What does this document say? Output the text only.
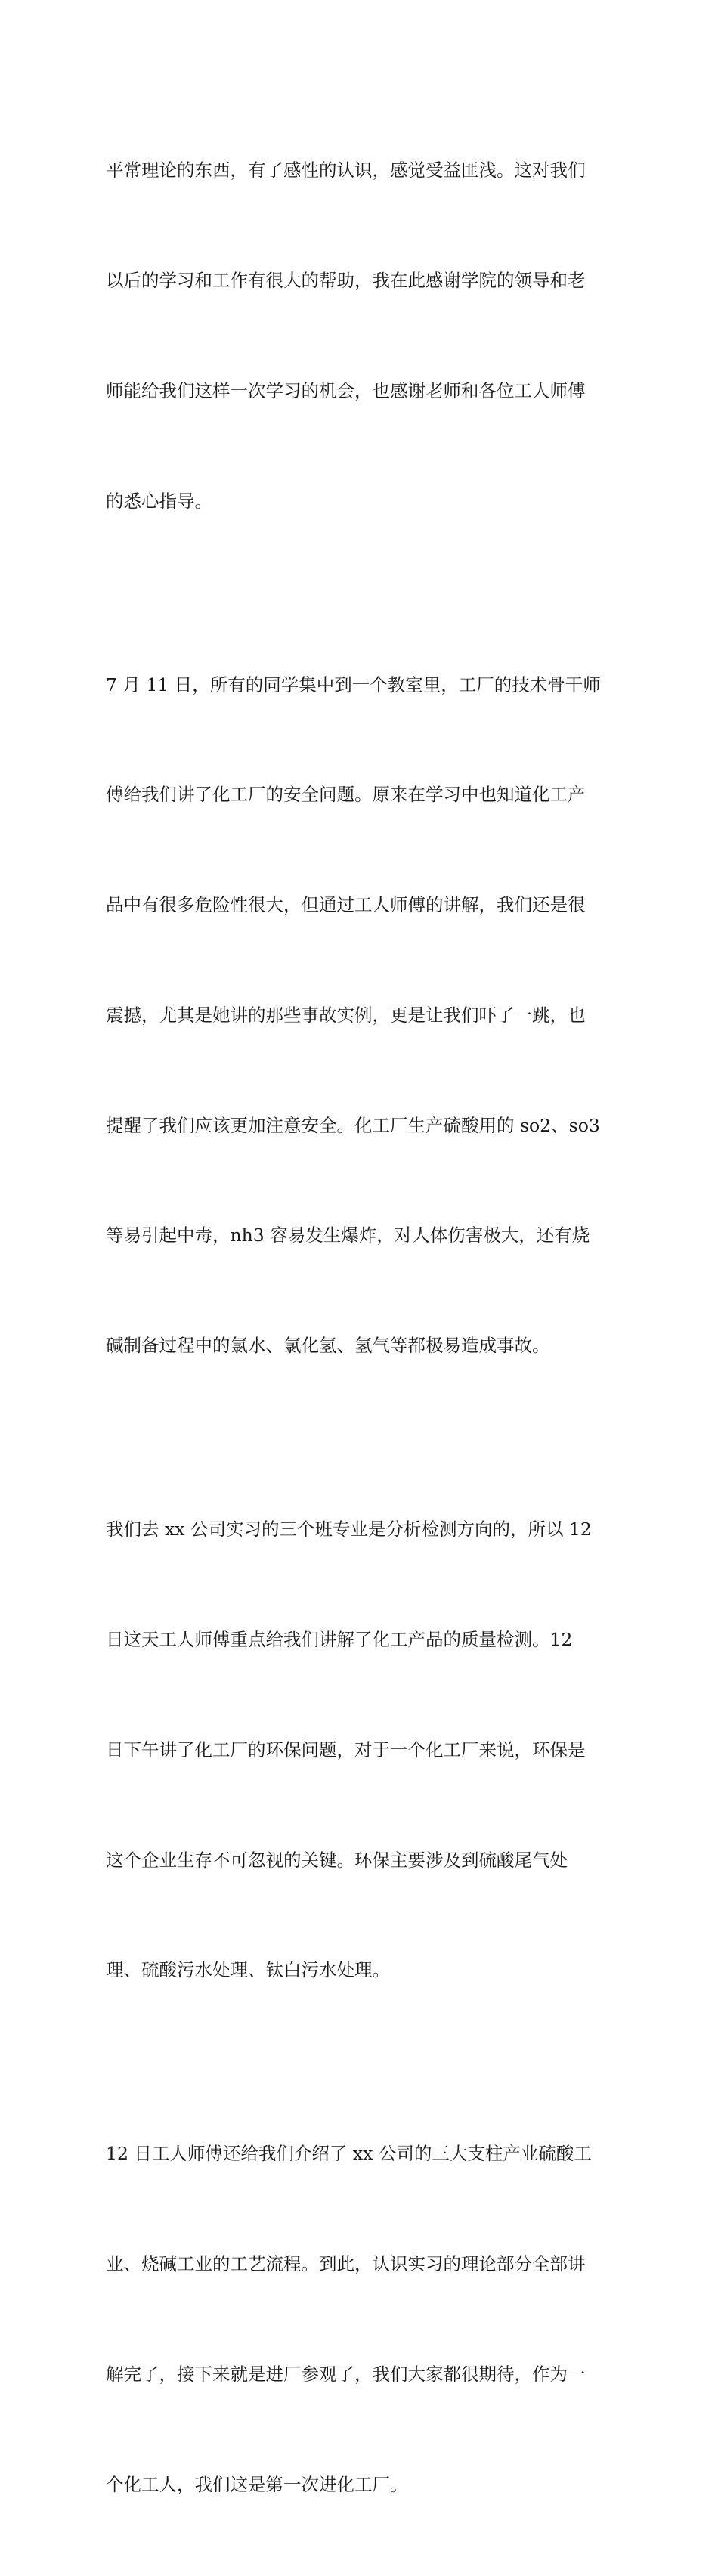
平常理论的东西，有了感性的认识，感觉受益匪浅。这对我们

以后的学习和工作有很大的帮助，我在此感谢学院的领导和老

师能给我们这样一次学习的机会，也感谢老师和各位工人师傅

的悉心指导。

7 月 11 日，所有的同学集中到一个教室里，工厂的技术骨干师

傅给我们讲了化工厂的安全问题。原来在学习中也知道化工产

品中有很多危险性很大，但通过工人师傅的讲解，我们还是很

震撼，尤其是她讲的那些事故实例，更是让我们吓了一跳，也

提醒了我们应该更加注意安全。化工厂生产硫酸用的 so2、so3

等易引起中毒，nh3 容易发生爆炸，对人体伤害极大，还有烧

碱制备过程中的氯水、氯化氢、氢气等都极易造成事故。

我们去 xx 公司实习的三个班专业是分析检测方向的，所以 12

日这天工人师傅重点给我们讲解了化工产品的质量检测。12

日下午讲了化工厂的环保问题，对于一个化工厂来说，环保是

这个企业生存不可忽视的关键。环保主要涉及到硫酸尾气处

理、硫酸污水处理、钛白污水处理。

12 日工人师傅还给我们介绍了 xx 公司的三大支柱产业硫酸工

业、烧碱工业的工艺流程。到此，认识实习的理论部分全部讲

解完了，接下来就是进厂参观了，我们大家都很期待，作为一

个化工人，我们这是第一次进化工厂。
